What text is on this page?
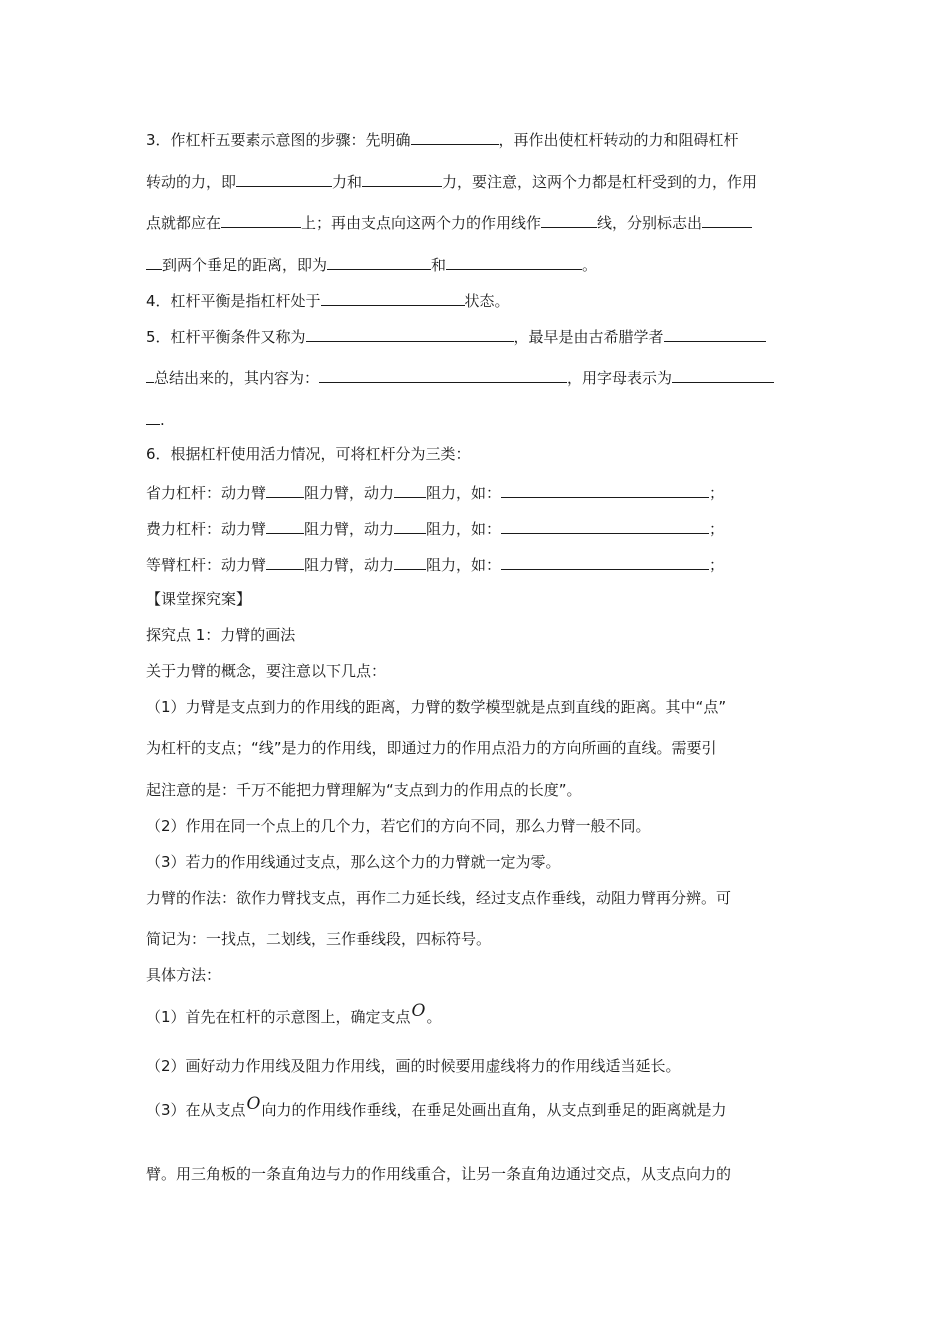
3．作杠杆五要素示意图的步骤：先明确	，再作出使杠杆转动的力和阻碍杠杆
转动的力，即	力和	力，要注意，这两个力都是杠杆受到的力，作用
点就都应在	上；再由支点向这两个力的作用线作	线，分别标志出
到两个垂足的距离，即为	和	。
4．杠杆平衡是指杠杆处于	状态。
5．杠杆平衡条件又称为	，最早是由古希腊学者
总结出来的，其内容为：	，用字母表示为
.
6．根据杠杆使用活力情况，可将杠杆分为三类：
省力杠杆：动力臂	阻力臂，动力 阻力，如：	；
费力杠杆：动力臂	阻力臂，动力 阻力，如：	；
等臂杠杆：动力臂	阻力臂，动力 阻力，如：	；
【课堂探究案】
探究点 1：力臂的画法
关于力臂的概念，要注意以下几点：
（1）力臂是支点到力的作用线的距离，力臂的数学模型就是点到直线的距离。其中“点”
为杠杆的支点；“线”是力的作用线，即通过力的作用点沿力的方向所画的直线。需要引
起注意的是：千万不能把力臂理解为“支点到力的作用点的长度”。
（2）作用在同一个点上的几个力，若它们的方向不同，那么力臂一般不同。
（3）若力的作用线通过支点，那么这个力的力臂就一定为零。
力臂的作法：欲作力臂找支点，再作二力延长线，经过支点作垂线，动阻力臂再分辨。可
简记为：一找点，二划线，三作垂线段，四标符号。
具体方法：
（1）首先在杠杆的示意图上，确定支点O。
（2）画好动力作用线及阻力作用线，画的时候要用虚线将力的作用线适当延长。
（3）在从支点O向力的作用线作垂线，在垂足处画出直角，从支点到垂足的距离就是力
臂。用三角板的一条直角边与力的作用线重合，让另一条直角边通过交点，从支点向力的
